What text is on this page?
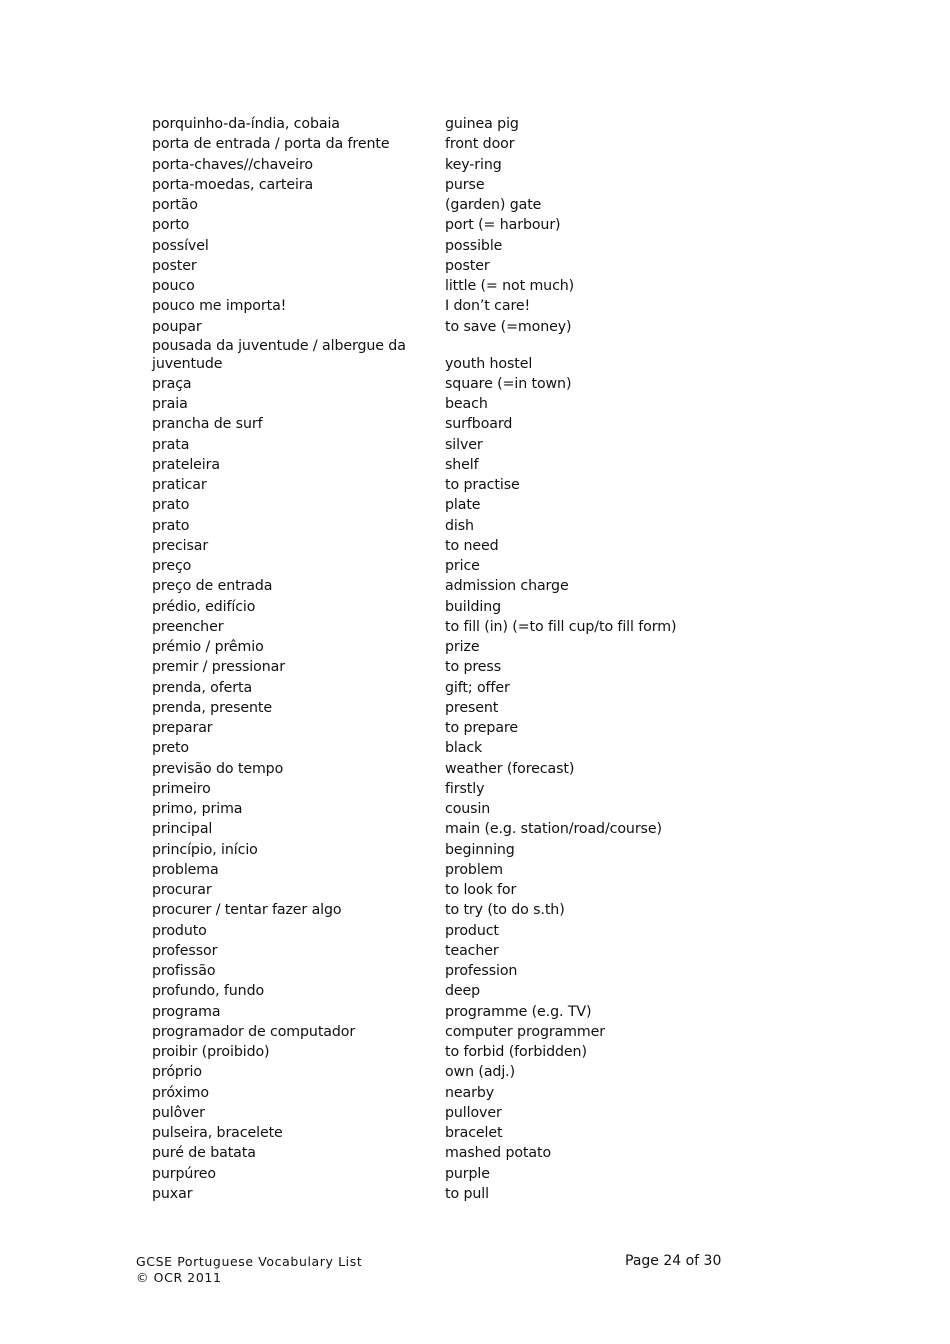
porquinho-da-índia, cobaia	guinea pig
porta de entrada / porta da frente	front door
porta-chaves//chaveiro	key-ring
porta-moedas, carteira	purse
portão	(garden) gate
porto	port (= harbour)
possível	possible
poster	poster
pouco	little (= not much)
pouco me importa!	I don’t care!
poupar	to save (=money)
pousada da juventude / albergue da juventude	youth hostel
praça	square (=in town)
praia	beach
prancha de surf	surfboard
prata	silver
prateleira	shelf
praticar	to practise
prato	plate
prato	dish
precisar	to need
preço	price
preço de entrada	admission charge
prédio, edifício	building
preencher	to fill (in) (=to fill cup/to fill form)
prémio / prêmio	prize
premir / pressionar	to press
prenda, oferta	gift; offer
prenda, presente	present
preparar	to prepare
preto	black
previsão do tempo	weather (forecast)
primeiro	firstly
primo, prima	cousin
principal	main (e.g. station/road/course)
princípio, início	beginning
problema	problem
procurar	to look for
procurer / tentar fazer algo	to try (to do s.th)
produto	product
professor	teacher
profissão	profession
profundo, fundo	deep
programa	programme (e.g. TV)
programador de computador	computer programmer
proibir (proibido)	to forbid (forbidden)
próprio	own (adj.)
próximo	nearby
pulôver	pullover
pulseira, bracelete	bracelet
puré de batata	mashed potato
purpúreo	purple
puxar	to pull
GCSE Portuguese Vocabulary List
© OCR 2011
Page 24 of 30
